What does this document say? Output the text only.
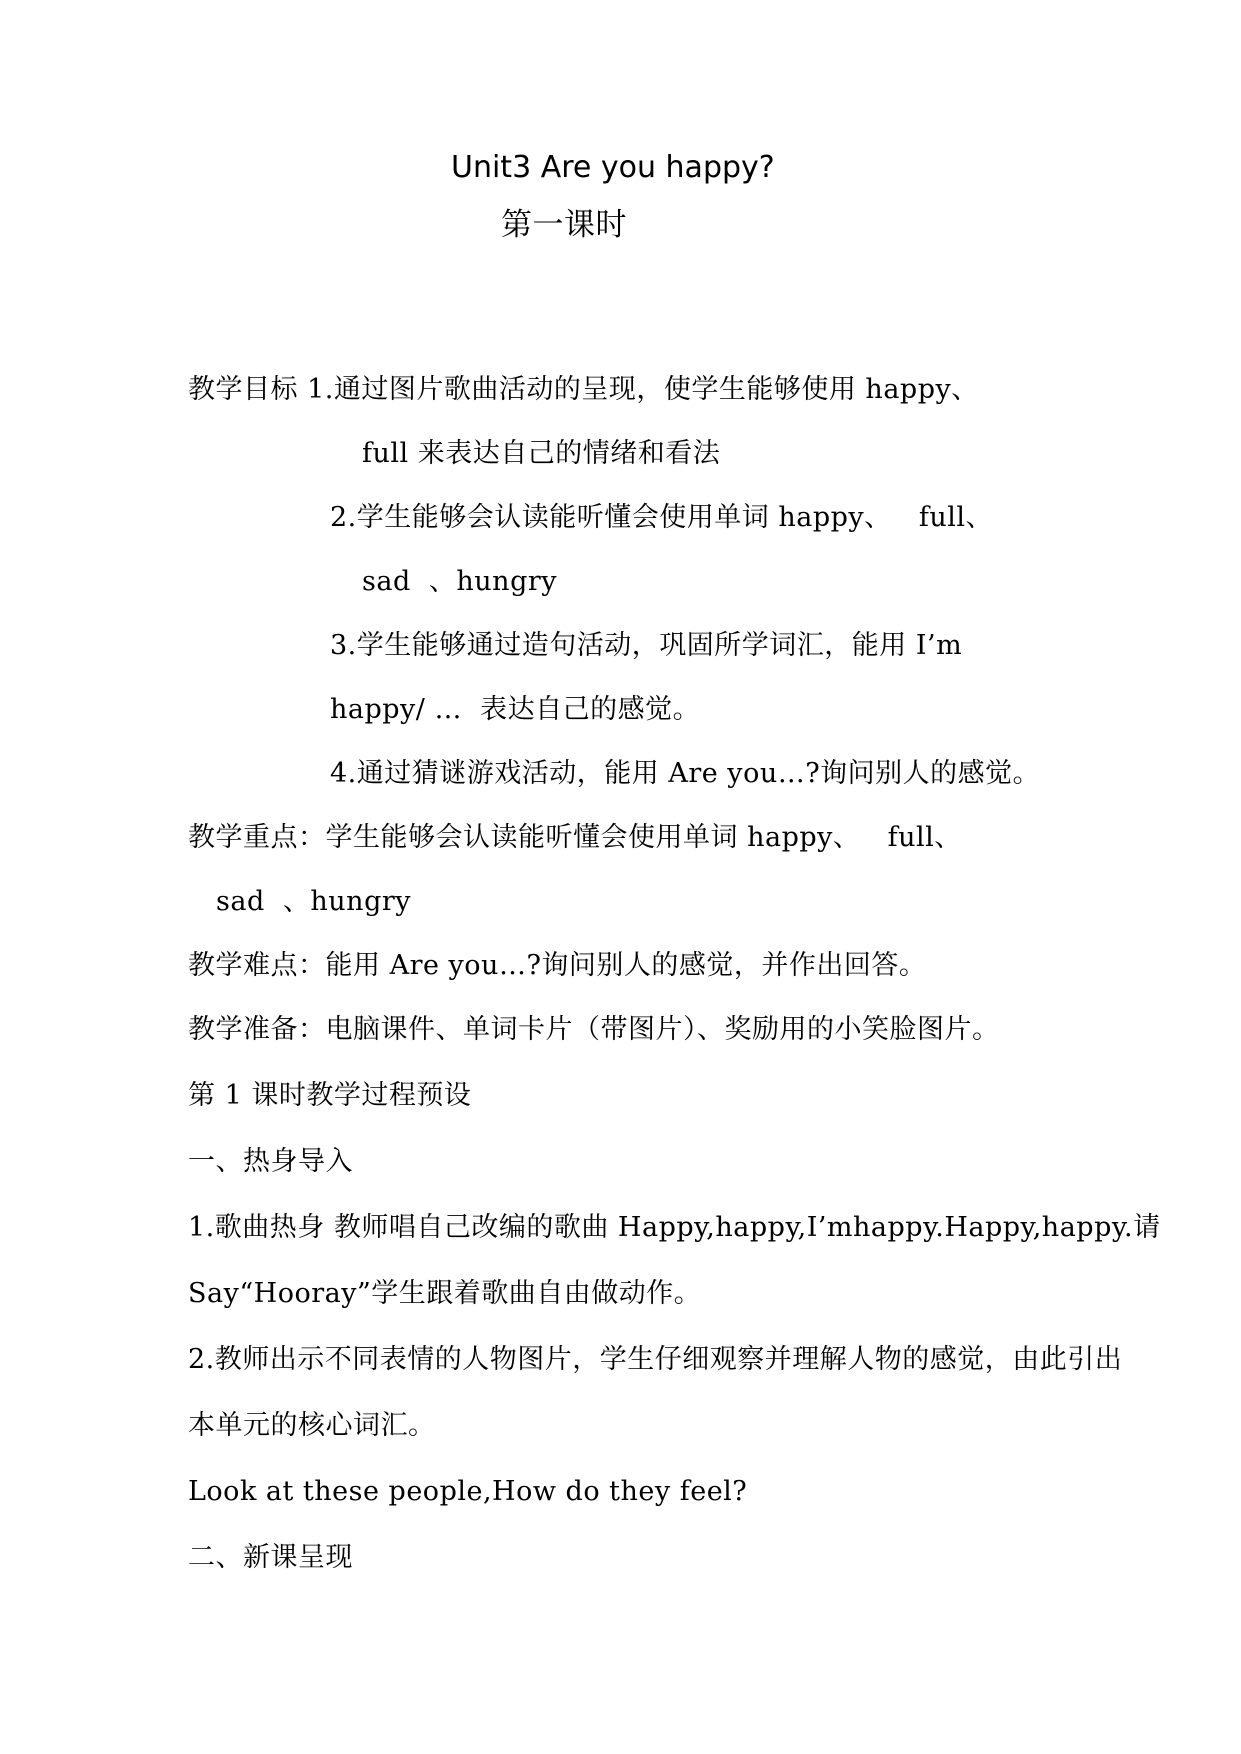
Unit3 Are you happy?
第一课时
教学目标 1.通过图片歌曲活动的呈现，使学生能够使用 happy、
full 来表达自己的情绪和看法
2.学生能够会认读能听懂会使用单词 happy、   full、
sad  、hungry
3.学生能够通过造句活动，巩固所学词汇，能用 I’m
happy/ …  表达自己的感觉。
4.通过猜谜游戏活动，能用 Are you…?询问别人的感觉。
教学重点：学生能够会认读能听懂会使用单词 happy、   full、
sad  、hungry
教学难点：能用 Are you…?询问别人的感觉，并作出回答。
教学准备：电脑课件、单词卡片（带图片）、奖励用的小笑脸图片。
第 1 课时教学过程预设
一、热身导入
1.歌曲热身 教师唱自己改编的歌曲 Happy,happy,I’mhappy.Happy,happy.请
Say“Hooray”学生跟着歌曲自由做动作。
2.教师出示不同表情的人物图片，学生仔细观察并理解人物的感觉，由此引出
本单元的核心词汇。
Look at these people,How do they feel?
二、新课呈现
